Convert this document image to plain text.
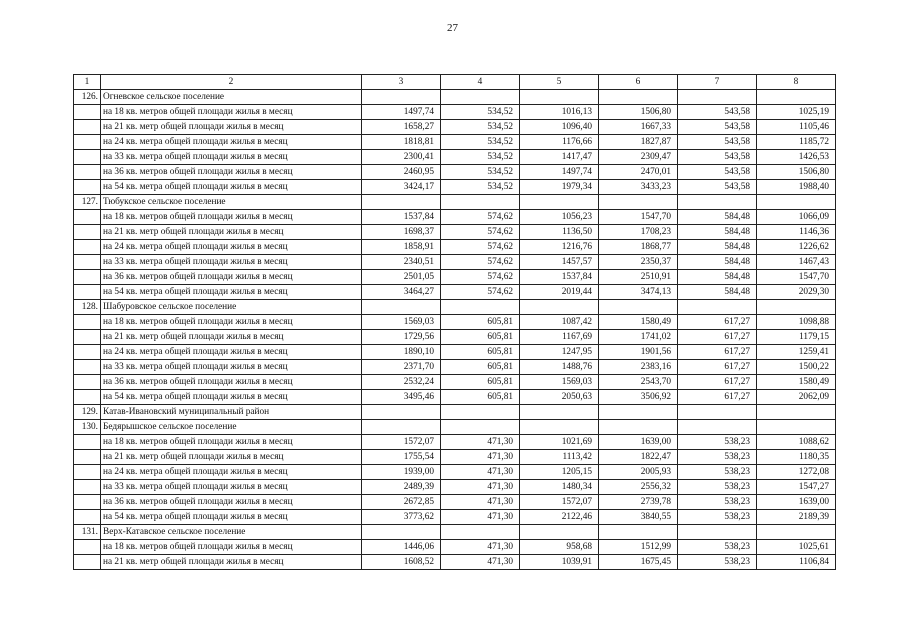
27
1	2	3	4	5	6	7	8
126.	Огневское сельское поселение						
	на 18 кв. метров общей площади жилья в месяц	1497,74	534,52	1016,13	1506,80	543,58	1025,19
	на 21 кв. метр общей площади жилья в месяц	1658,27	534,52	1096,40	1667,33	543,58	1105,46
	на 24 кв. метра общей площади жилья в месяц	1818,81	534,52	1176,66	1827,87	543,58	1185,72
	на 33 кв. метра общей площади жилья в месяц	2300,41	534,52	1417,47	2309,47	543,58	1426,53
	на 36 кв. метров общей площади жилья в месяц	2460,95	534,52	1497,74	2470,01	543,58	1506,80
	на 54 кв. метра общей площади жилья в месяц	3424,17	534,52	1979,34	3433,23	543,58	1988,40
127.	Тюбукское сельское поселение						
	на 18 кв. метров общей площади жилья в месяц	1537,84	574,62	1056,23	1547,70	584,48	1066,09
	на 21 кв. метр общей площади жилья в месяц	1698,37	574,62	1136,50	1708,23	584,48	1146,36
	на 24 кв. метра общей площади жилья в месяц	1858,91	574,62	1216,76	1868,77	584,48	1226,62
	на 33 кв. метра общей площади жилья в месяц	2340,51	574,62	1457,57	2350,37	584,48	1467,43
	на 36 кв. метров общей площади жилья в месяц	2501,05	574,62	1537,84	2510,91	584,48	1547,70
	на 54 кв. метра общей площади жилья в месяц	3464,27	574,62	2019,44	3474,13	584,48	2029,30
128.	Шабуровское сельское поселение						
	на 18 кв. метров общей площади жилья в месяц	1569,03	605,81	1087,42	1580,49	617,27	1098,88
	на 21 кв. метр общей площади жилья в месяц	1729,56	605,81	1167,69	1741,02	617,27	1179,15
	на 24 кв. метра общей площади жилья в месяц	1890,10	605,81	1247,95	1901,56	617,27	1259,41
	на 33 кв. метра общей площади жилья в месяц	2371,70	605,81	1488,76	2383,16	617,27	1500,22
	на 36 кв. метров общей площади жилья в месяц	2532,24	605,81	1569,03	2543,70	617,27	1580,49
	на 54 кв. метра общей площади жилья в месяц	3495,46	605,81	2050,63	3506,92	617,27	2062,09
129.	Катав-Ивановский муниципальный район						
130.	Бедярышское сельское поселение						
	на 18 кв. метров общей площади жилья в месяц	1572,07	471,30	1021,69	1639,00	538,23	1088,62
	на 21 кв. метр общей площади жилья в месяц	1755,54	471,30	1113,42	1822,47	538,23	1180,35
	на 24 кв. метра общей площади жилья в месяц	1939,00	471,30	1205,15	2005,93	538,23	1272,08
	на 33 кв. метра общей площади жилья в месяц	2489,39	471,30	1480,34	2556,32	538,23	1547,27
	на 36 кв. метров общей площади жилья в месяц	2672,85	471,30	1572,07	2739,78	538,23	1639,00
	на 54 кв. метра общей площади жилья в месяц	3773,62	471,30	2122,46	3840,55	538,23	2189,39
131.	Верх-Катавское сельское поселение						
	на 18 кв. метров общей площади жилья в месяц	1446,06	471,30	958,68	1512,99	538,23	1025,61
	на 21 кв. метр общей площади жилья в месяц	1608,52	471,30	1039,91	1675,45	538,23	1106,84
